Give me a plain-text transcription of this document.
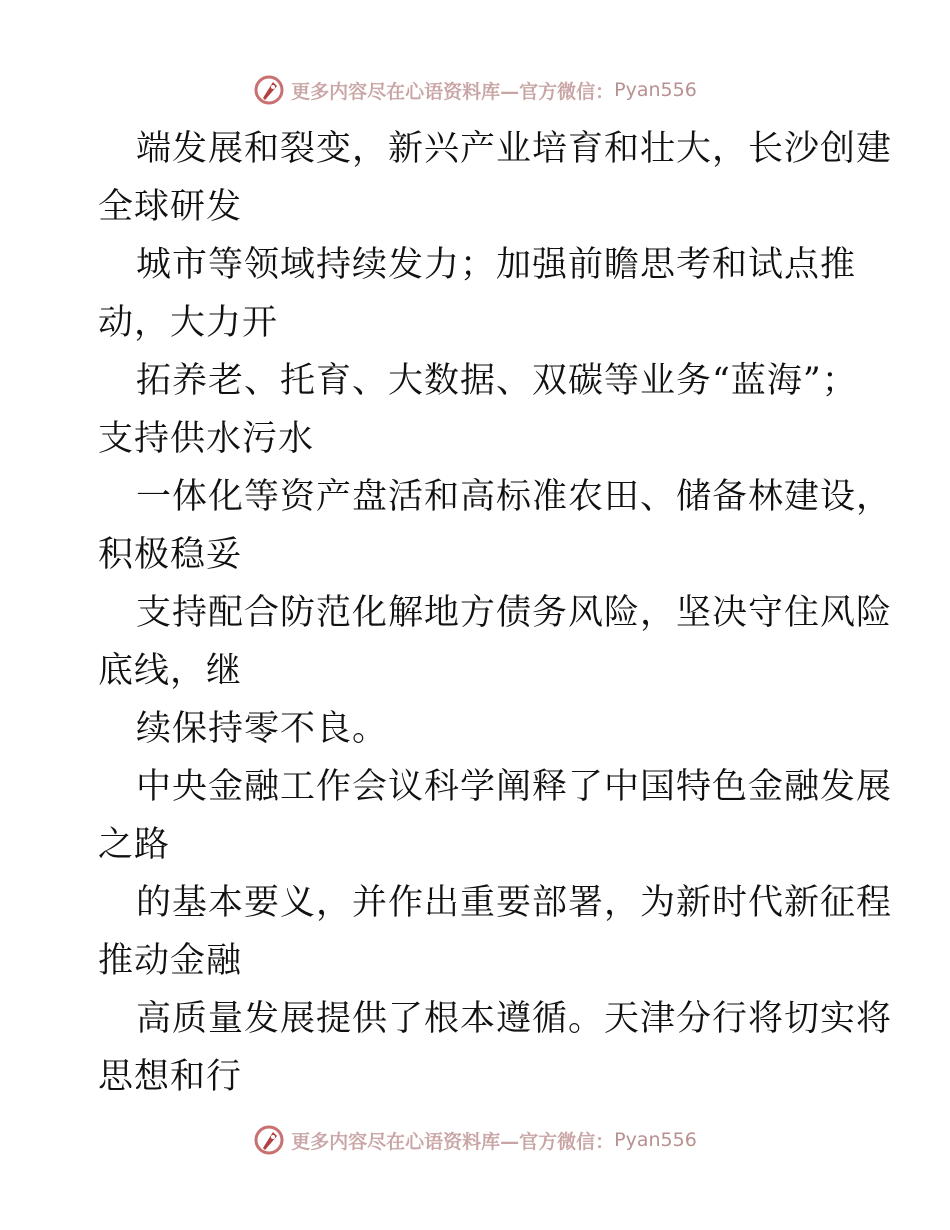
更多内容尽在心语资料库—官方微信： Pyan556
端发展和裂变，新兴产业培育和壮大，长沙创建
全球研发
城市等领域持续发力；加强前瞻思考和试点推
动，大力开
拓养老、托育、大数据、双碳等业务“蓝海”；
支持供水污水
一体化等资产盘活和高标准农田、储备林建设，
积极稳妥
支持配合防范化解地方债务风险，坚决守住风险
底线，继
续保持零不良。
中央金融工作会议科学阐释了中国特色金融发展
之路
的基本要义，并作出重要部署，为新时代新征程
推动金融
高质量发展提供了根本遵循。天津分行将切实将
思想和行
更多内容尽在心语资料库—官方微信： Pyan556
